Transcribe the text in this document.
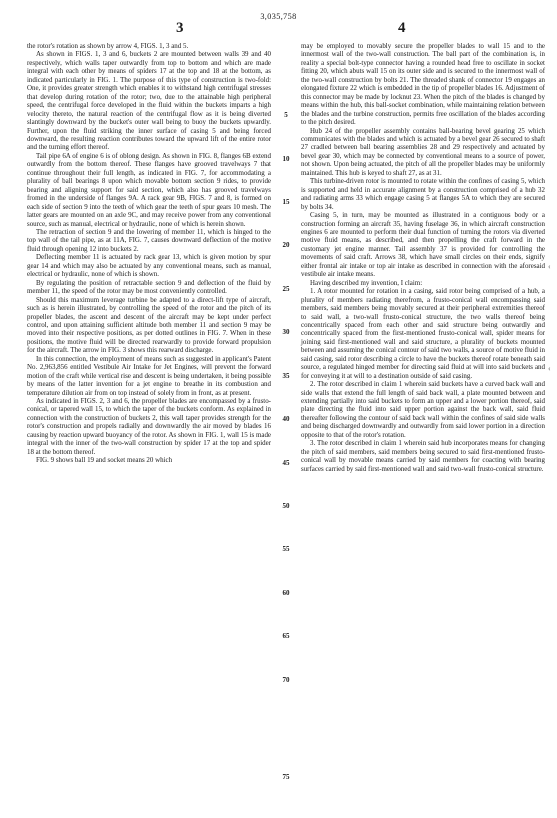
3,035,758
3	4

the rotor's rotation as shown by arrow 4, FIGS. 1, 3 and 5.

As shown in FIGS. 1, 3 and 6, buckets 2 are mounted between walls 39 and 40 respectively, which walls taper outwardly from top to bottom and which are made integral with each other by means of spiders 17 at the top and 18 at the bottom, as indicated particularly in FIG. 1. The purpose of this type of construction is two-fold: One, it provides greater strength which enables it to withstand high centrifugal stresses that develop during rotation of the rotor; two, due to the attainable high peripheral speed, the centrifugal force developed in the fluid within the buckets imparts a high velocity thereto, the natural reaction of the centrifugal flow as it is being diverted slantingly downward by the bucket's outer wall being to buoy the buckets upwardly. Further, upon the fluid striking the inner surface of casing 5 and being forced downward, the resulting reaction contributes toward the upward lift of the entire rotor and the turning effort thereof.

Tail pipe 6A of engine 6 is of oblong design. As shown in FIG. 8, flanges 6B extend outwardly from the bottom thereof. These flanges have grooved travelways 7 that continue throughout their full length, as indicated in FIG. 7, for accommodating a plurality of ball bearings 8 upon which movable bottom section 9 rides, to provide bearing and aligning support for said section, which also has grooved travelways fromed in the underside of flanges 9A. A rack gear 9B, FIGS. 7 and 8, is formed on each side of section 9 into the teeth of which gear the teeth of spur gears 10 mesh. The latter gears are mounted on an axle 9C, and may receive power from any conventional source, such as manual, electrical or hydraulic, none of which is herein shown.

The retraction of section 9 and the lowering of member 11, which is hinged to the top wall of the tail pipe, as at 11A, FIG. 7, causes downward deflection of the motive fluid through opening 12 into buckets 2.

Deflecting member 11 is actuated by rack gear 13, which is given motion by spur gear 14 and which may also be actuated by any conventional means, such as manual, electrical or hydraulic, none of which is shown.

By regulating the position of retractable section 9 and deflection of the fluid by member 11, the speed of the rotor may be most conveniently controlled.

Should this maximum leverage turbine be adapted to a direct-lift type of aircraft, such as is herein illustrated, by controlling the speed of the rotor and the pitch of its propeller blades, the ascent and descent of the aircraft may be kept under perfect control, and upon attaining sufficient altitude both member 11 and section 9 may be moved into their respective positions, as per dotted outlines in FIG. 7. When in these positions, the motive fluid will be directed rearwardly to provide forward propulsion for the aircraft. The arrow in FIG. 3 shows this rearward discharge.

In this connection, the employment of means such as suggested in applicant's Patent No. 2,963,856 entitled Vestibule Air Intake for Jet Engines, will prevent the forward motion of the craft while vertical rise and descent is being undertaken, it being possible by means of the latter invention for a jet engine to breathe in its combustion and temperature dilution air from on top instead of solely from in front, as at present.

As indicated in FIGS. 2, 3 and 6, the propeller blades are encompassed by a frusto-conical, or tapered wall 15, to which the taper of the buckets conform. As explained in connection with the construction of buckets 2, this wall taper provides strength for the rotor's construction and propels radially and downwardly the air moved by blades 16 causing by reaction upward buoyancy of the rotor. As shown in FIG. 1, wall 15 is made integral with the inner of the two-wall construction by spider 17 at the top and spider 18 at the bottom thereof.

FIG. 9 shows ball 19 and socket means 20 which

may be employed to movably secure the propeller blades to wall 15 and to the innermost wall of the two-wall construction. The ball part of the combination is, in reality a special bolt-type connector having a rounded head free to oscillate in socket fitting 20, which abuts wall 15 on its outer side and is secured to the innermost wall of the two-wall construction by bolts 21. The threaded shank of connector 19 engages an elongated fixture 22 which is embedded in the tip of propeller blades 16. Adjustment of this connector may be made by locknut 23. When the pitch of the blades is changed by means within the hub, this ball-socket combination, while maintaining relation between the blades and the turbine construction, permits free oscillation of the blades according to the pitch desired.

Hub 24 of the propeller assembly contains ball-bearing bevel gearing 25 which communicates with the blades and which is actuated by a bevel gear 26 secured to shaft 27 cradled between ball bearing assemblies 28 and 29 respectively and actuated by bevel gear 30, which may be connected by conventional means to a source of power, not shown. Upon being actuated, the pitch of all the propeller blades may be uniformly maintained. This hub is keyed to shaft 27, as at 31.

This turbine-driven rotor is mounted to rotate within the confines of casing 5, which is supported and held in accurate alignment by a construction comprised of a hub 32 and radiating arms 33 which engage casing 5 at flanges 5A to which they are secured by bolts 34.

Casing 5, in turn, may be mounted as illustrated in a contiguous body or a construction forming an aircraft 35, having fuselage 36, in which aircraft construction engines 6 are mounted to perform their dual function of turning the rotors via diverted motive fluid means, as described, and then propelling the craft forward in the customary jet engine manner. Tail assembly 37 is provided for controlling the movements of said craft. Arrows 38, which have small circles on their ends, signify either frontal air intake or top air intake as described in connection with the aforesaid vestibule air intake means.

Having described my invention, I claim:

1. A rotor mounted for rotation in a casing, said rotor being comprised of a hub, a plurality of members radiating therefrom, a frusto-conical wall encompassing said members, said members being movably secured at their peripheral extremities thereof to said wall, a two-wall frusto-conical structure, the two walls thereof being concentrically spaced from each other and said structure being outwardly and concentrically spaced from the first-mentioned frusto-conical wall, spider means for joining said first-mentioned wall and said structure, a plurality of buckets mounted between and assuming the conical contour of said two walls, a source of motive fluid in said casing, said rotor describing a circle to have the buckets thereof rotate beneath said source, a regulated hinged member for directing said fluid at will into said buckets and for conveying it at will to a destination outside of said casing.

2. The rotor described in claim 1 wherein said buckets have a curved back wall and side walls that extend the full length of said back wall, a plate mounted between and extending partially into said buckets to form an upper and a lower portion thereof, said plate directing the fluid into said upper portion against the back wall, said fluid thereafter following the contour of said back wall within the confines of said side walls and being discharged downwardly and outwardly from said lower portion in a direction opposite to that of the rotor's rotation.

3. The rotor described in claim 1 wherein said hub incorporates means for changing the pitch of said members, said members being secured to said first-mentioned frusto-conical wall by movable means carried by said members for coacting with bearing surfaces carried by said first-mentioned wall and said two-wall frusto-conical structure.

5
10
15
20
25
30
35
40
45
50
55
60
65
70
75
‹
‹
